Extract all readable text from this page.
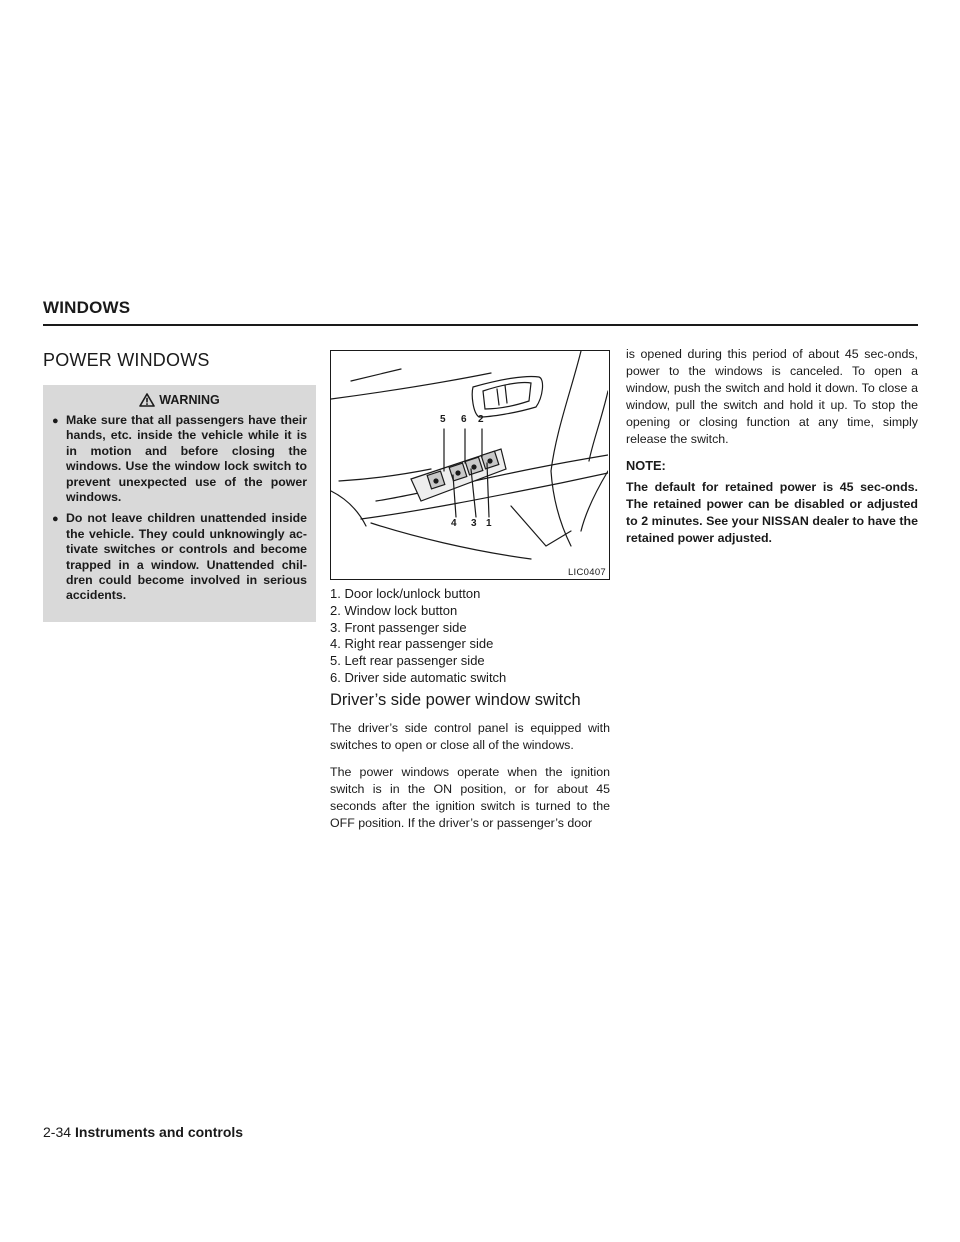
WINDOWS
POWER WINDOWS
WARNING
● Make sure that all passengers have their hands, etc. inside the vehicle while it is in motion and before closing the windows. Use the window lock switch to prevent unexpected use of the power windows.
● Do not leave children unattended inside the vehicle. They could unknowingly ac-tivate switches or controls and become trapped in a window. Unattended chil-dren could become involved in serious accidents.
5 6 2
4 3 1
LIC0407
1. Door lock/unlock button
2. Window lock button
3. Front passenger side
4. Right rear passenger side
5. Left rear passenger side
6. Driver side automatic switch
Driver’s side power window switch

The driver’s side control panel is equipped with switches to open or close all of the windows.

The power windows operate when the ignition switch is in the ON position, or for about 45 seconds after the ignition switch is turned to the OFF position. If the driver’s or passenger’s door

is opened during this period of about 45 sec-onds, power to the windows is canceled. To open a window, push the switch and hold it down. To close a window, pull the switch and hold it up. To stop the opening or closing function at any time, simply release the switch.

NOTE:

The default for retained power is 45 sec-onds. The retained power can be disabled or adjusted to 2 minutes. See your NISSAN dealer to have the retained power adjusted.

2-34 Instruments and controls
